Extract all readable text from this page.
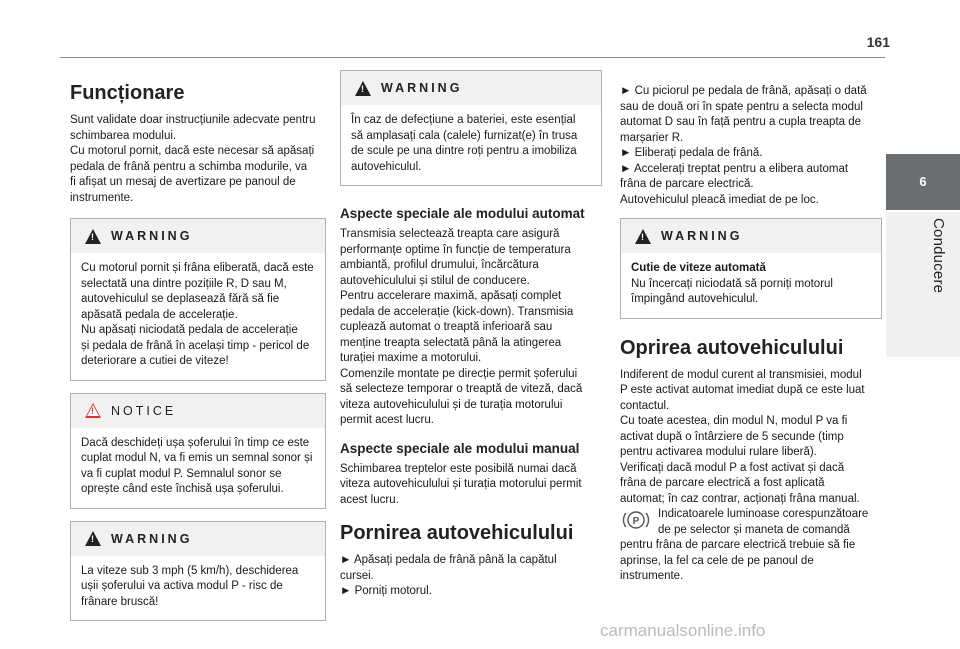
161
6
Conducere
Funcționare

Sunt validate doar instrucțiunile adecvate pentru
schimbarea modului.
Cu motorul pornit, dacă este necesar să apăsați
pedala de frână pentru a schimba modurile, va
fi afișat un mesaj de avertizare pe panoul de
instrumente.

!
WARNING

Cu motorul pornit și frâna eliberată, dacă este
selectată una dintre pozițiile R, D sau M,
autovehiculul se deplasează fără să fie
apăsată pedala de accelerație.
Nu apăsați niciodată pedala de accelerație
și pedala de frână în același timp - pericol de
deteriorare a cutiei de viteze!

!
NOTICE

Dacă deschideți ușa șoferului în timp ce este
cuplat modul N, va fi emis un semnal sonor și
va fi cuplat modul P. Semnalul sonor se
oprește când este închisă ușa șoferului.

!
WARNING

La viteze sub 3 mph (5 km/h), deschiderea
ușii șoferului va activa modul P - risc de
frânare bruscă!

!
WARNING

În caz de defecțiune a bateriei, este esențial
să amplasați cala (calele) furnizat(e) în trusa
de scule pe una dintre roți pentru a imobiliza
autovehiculul.

Aspecte speciale ale modului automat

Transmisia selectează treapta care asigură
performanțe optime în funcție de temperatura
ambiantă, profilul drumului, încărcătura
autovehiculului și stilul de conducere.
Pentru accelerare maximă, apăsați complet
pedala de accelerație (kick-down). Transmisia
cuplează automat o treaptă inferioară sau
menține treapta selectată până la atingerea
turației maxime a motorului.
Comenzile montate pe direcție permit șoferului
să selecteze temporar o treaptă de viteză, dacă
viteza autovehiculului și de turația motorului
permit acest lucru.

Aspecte speciale ale modului manual

Schimbarea treptelor este posibilă numai dacă
viteza autovehiculului și turația motorului permit
acest lucru.

Pornirea autovehiculului

► Apăsați pedala de frână până la capătul
cursei.
► Porniți motorul.

► Cu piciorul pe pedala de frână, apăsați o dată
sau de două ori în spate pentru a selecta modul
automat D sau în față pentru a cupla treapta de
marșarier R.
► Eliberați pedala de frână.
► Accelerați treptat pentru a elibera automat
frâna de parcare electrică.
Autovehiculul pleacă imediat de pe loc.

!
WARNING

Cutie de viteze automată

Nu încercați niciodată să porniți motorul
împingând autovehiculul.

Oprirea autovehiculului

Indiferent de modul curent al transmisiei, modul
P este activat automat imediat după ce este luat
contactul.
Cu toate acestea, din modul N, modul P va fi
activat după o întârziere de 5 secunde (timp
pentru activarea modului rulare liberă).
Verificați dacă modul P a fost activat și dacă
frâna de parcare electrică a fost aplicată
automat; în caz contrar, acționați frâna manual.

P

Indicatoarele luminoase corespunzătoare
de pe selector și maneta de comandă

pentru frâna de parcare electrică trebuie să fie
aprinse, la fel ca cele de pe panoul de
instrumente.

carmanualsonline.info
